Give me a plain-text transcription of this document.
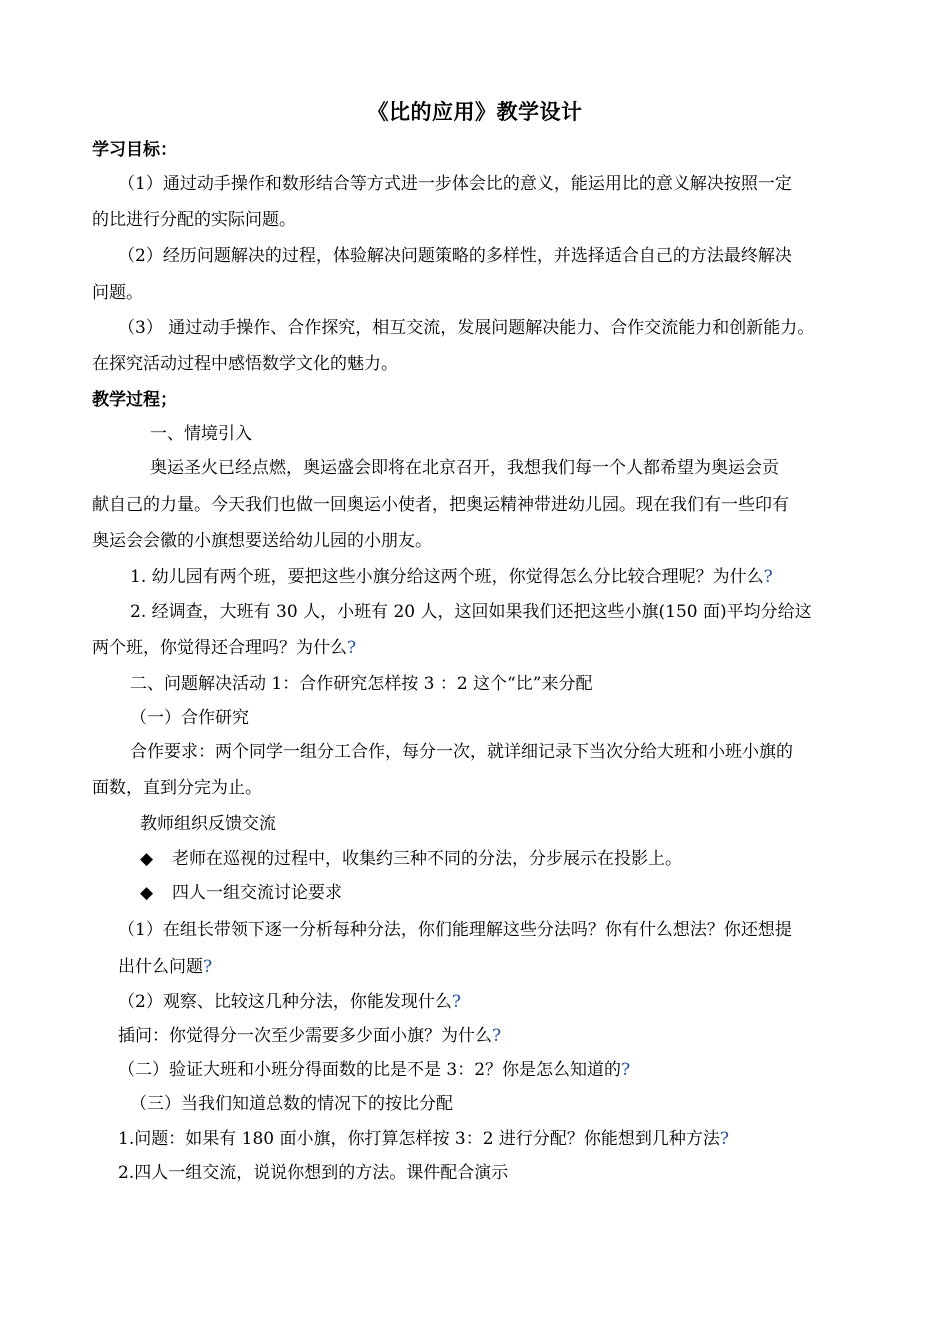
《比的应用》教学设计
学习目标：
（1）通过动手操作和数形结合等方式进一步体会比的意义，能运用比的意义解决按照一定
的比进行分配的实际问题。
（2）经历问题解决的过程，体验解决问题策略的多样性，并选择适合自己的方法最终解决
问题。
（3） 通过动手操作、合作探究，相互交流，发展问题解决能力、合作交流能力和创新能力。
在探究活动过程中感悟数学文化的魅力。
教学过程；
一、情境引入
奥运圣火已经点燃，奥运盛会即将在北京召开，我想我们每一个人都希望为奥运会贡
献自己的力量。今天我们也做一回奥运小使者，把奥运精神带进幼儿园。现在我们有一些印有
奥运会会徽的小旗想要送给幼儿园的小朋友。
1. 幼儿园有两个班，要把这些小旗分给这两个班，你觉得怎么分比较合理呢？为什么?
2. 经调查，大班有 30 人，小班有 20 人，这回如果我们还把这些小旗(150 面)平均分给这
两个班，你觉得还合理吗？为什么?
二、问题解决活动 1：合作研究怎样按 3 ：2 这个“比”来分配
（一）合作研究
合作要求：两个同学一组分工合作，每分一次，就详细记录下当次分给大班和小班小旗的
面数，直到分完为止。
教师组织反馈交流
◆ 老师在巡视的过程中，收集约三种不同的分法，分步展示在投影上。
◆ 四人一组交流讨论要求
（1）在组长带领下逐一分析每种分法，你们能理解这些分法吗？你有什么想法？你还想提
出什么问题?
（2）观察、比较这几种分法，你能发现什么?
插问：你觉得分一次至少需要多少面小旗？为什么?
（二）验证大班和小班分得面数的比是不是 3：2？你是怎么知道的?
（三）当我们知道总数的情况下的按比分配
1.问题：如果有 180 面小旗，你打算怎样按 3：2 进行分配？你能想到几种方法?
2.四人一组交流，说说你想到的方法。课件配合演示
